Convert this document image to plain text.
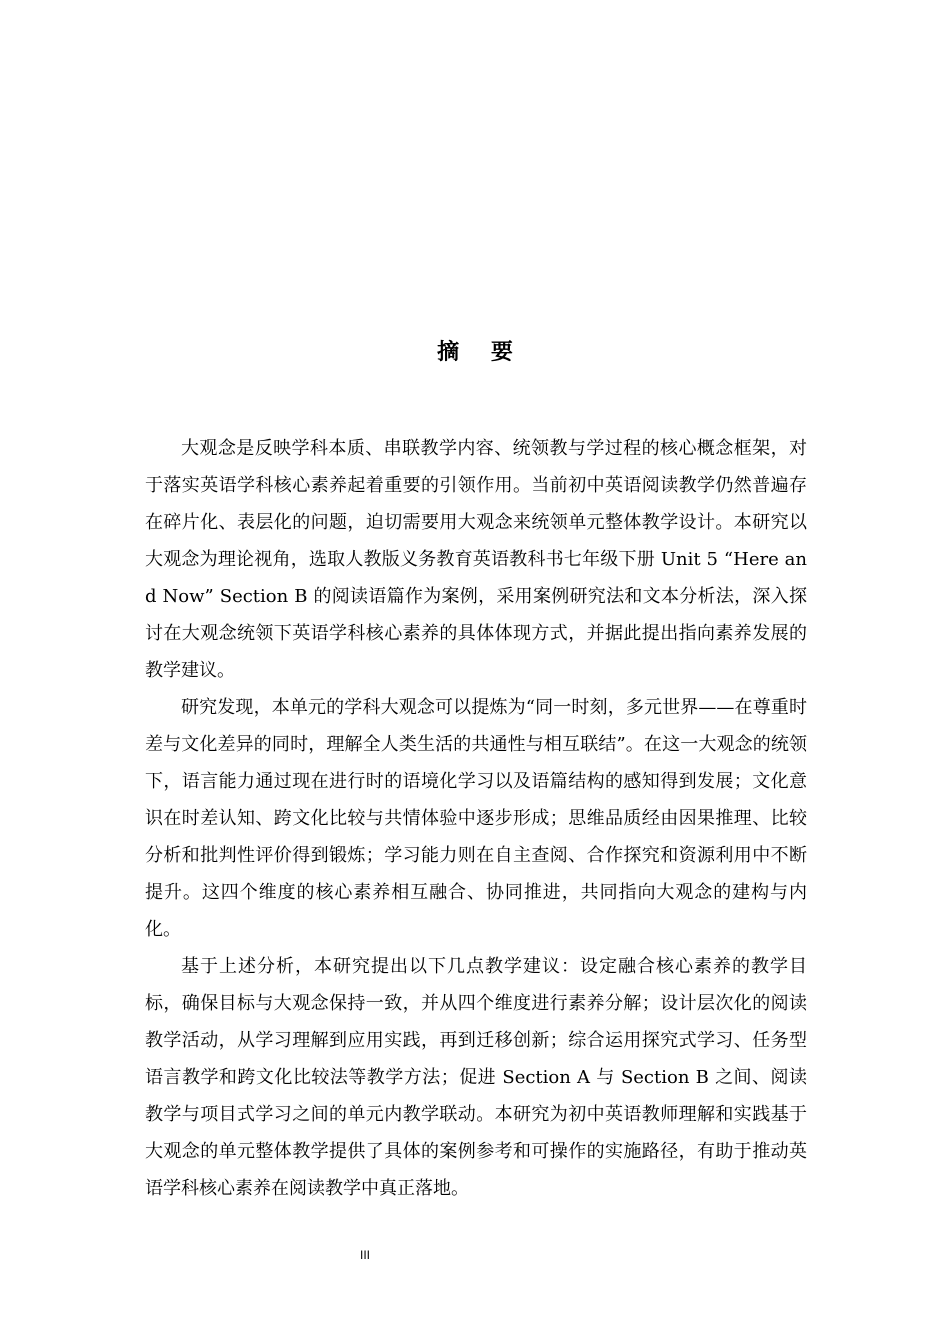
摘 要

大观念是反映学科本质、串联教学内容、统领教与学过程的核心概念框架，对于落实英语学科核心素养起着重要的引领作用。当前初中英语阅读教学仍然普遍存在碎片化、表层化的问题，迫切需要用大观念来统领单元整体教学设计。本研究以大观念为理论视角，选取人教版义务教育英语教科书七年级下册 Unit 5 “Here and Now” Section B 的阅读语篇作为案例，采用案例研究法和文本分析法，深入探讨在大观念统领下英语学科核心素养的具体体现方式，并据此提出指向素养发展的教学建议。

研究发现，本单元的学科大观念可以提炼为“同一时刻，多元世界——在尊重时差与文化差异的同时，理解全人类生活的共通性与相互联结”。在这一大观念的统领下，语言能力通过现在进行时的语境化学习以及语篇结构的感知得到发展；文化意识在时差认知、跨文化比较与共情体验中逐步形成；思维品质经由因果推理、比较分析和批判性评价得到锻炼；学习能力则在自主查阅、合作探究和资源利用中不断提升。这四个维度的核心素养相互融合、协同推进，共同指向大观念的建构与内化。

基于上述分析，本研究提出以下几点教学建议：设定融合核心素养的教学目标，确保目标与大观念保持一致，并从四个维度进行素养分解；设计层次化的阅读教学活动，从学习理解到应用实践，再到迁移创新；综合运用探究式学习、任务型语言教学和跨文化比较法等教学方法；促进 Section A 与 Section B 之间、阅读教学与项目式学习之间的单元内教学联动。本研究为初中英语教师理解和实践基于大观念的单元整体教学提供了具体的案例参考和可操作的实施路径，有助于推动英语学科核心素养在阅读教学中真正落地。

III
